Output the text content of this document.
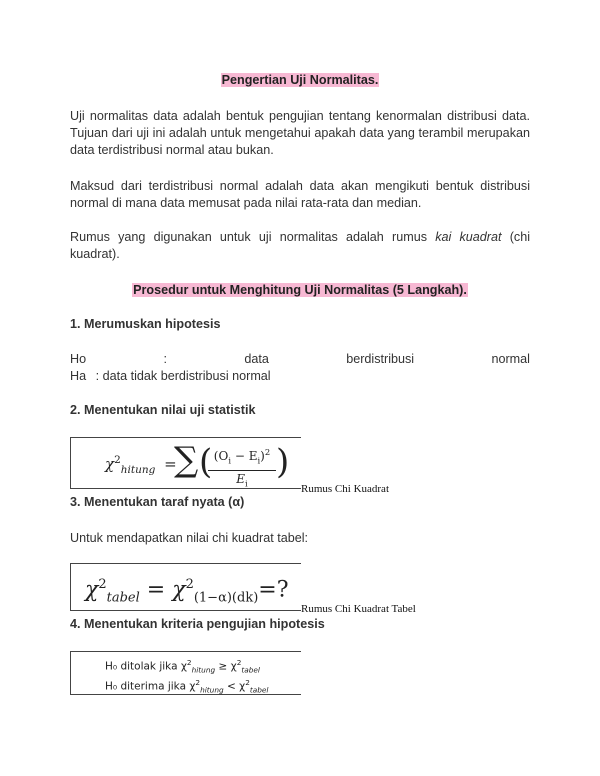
Pengertian Uji Normalitas.

Uji normalitas data adalah bentuk pengujian tentang kenormalan distribusi data. Tujuan dari uji ini adalah untuk mengetahui apakah data yang terambil merupakan data terdistribusi normal atau bukan.

Maksud dari terdistribusi normal adalah data akan mengikuti bentuk distribusi normal di mana data memusat pada nilai rata-rata dan median.

Rumus yang digunakan untuk uji normalitas adalah rumus kai kuadrat (chi kuadrat).

Prosedur untuk Menghitung Uji Normalitas (5 Langkah).

1. Merumuskan hipotesis

Ho	:	data	berdistribusi	normal
Ha : data tidak berdistribusi normal

2. Menentukan nilai uji statistik

$\chi^2_{hitung}$ =
∑ (
$\frac{(O_i - E_i)^2}{E_i}$ )
Rumus Chi Kuadrat

3. Menentukan taraf nyata (α)

Untuk mendapatkan nilai chi kuadrat tabel:

$\chi^2_{tabel} = \chi^2_{(1-\alpha)(dk)}=$?
Rumus Chi Kuadrat Tabel

4. Menentukan kriteria pengujian hipotesis

H₀ ditolak jika $\chi^2_{hitung} \ge \chi^2_{tabel}$
H₀ diterima jika $\chi^2_{hitung} < \chi^2_{tabel}$
